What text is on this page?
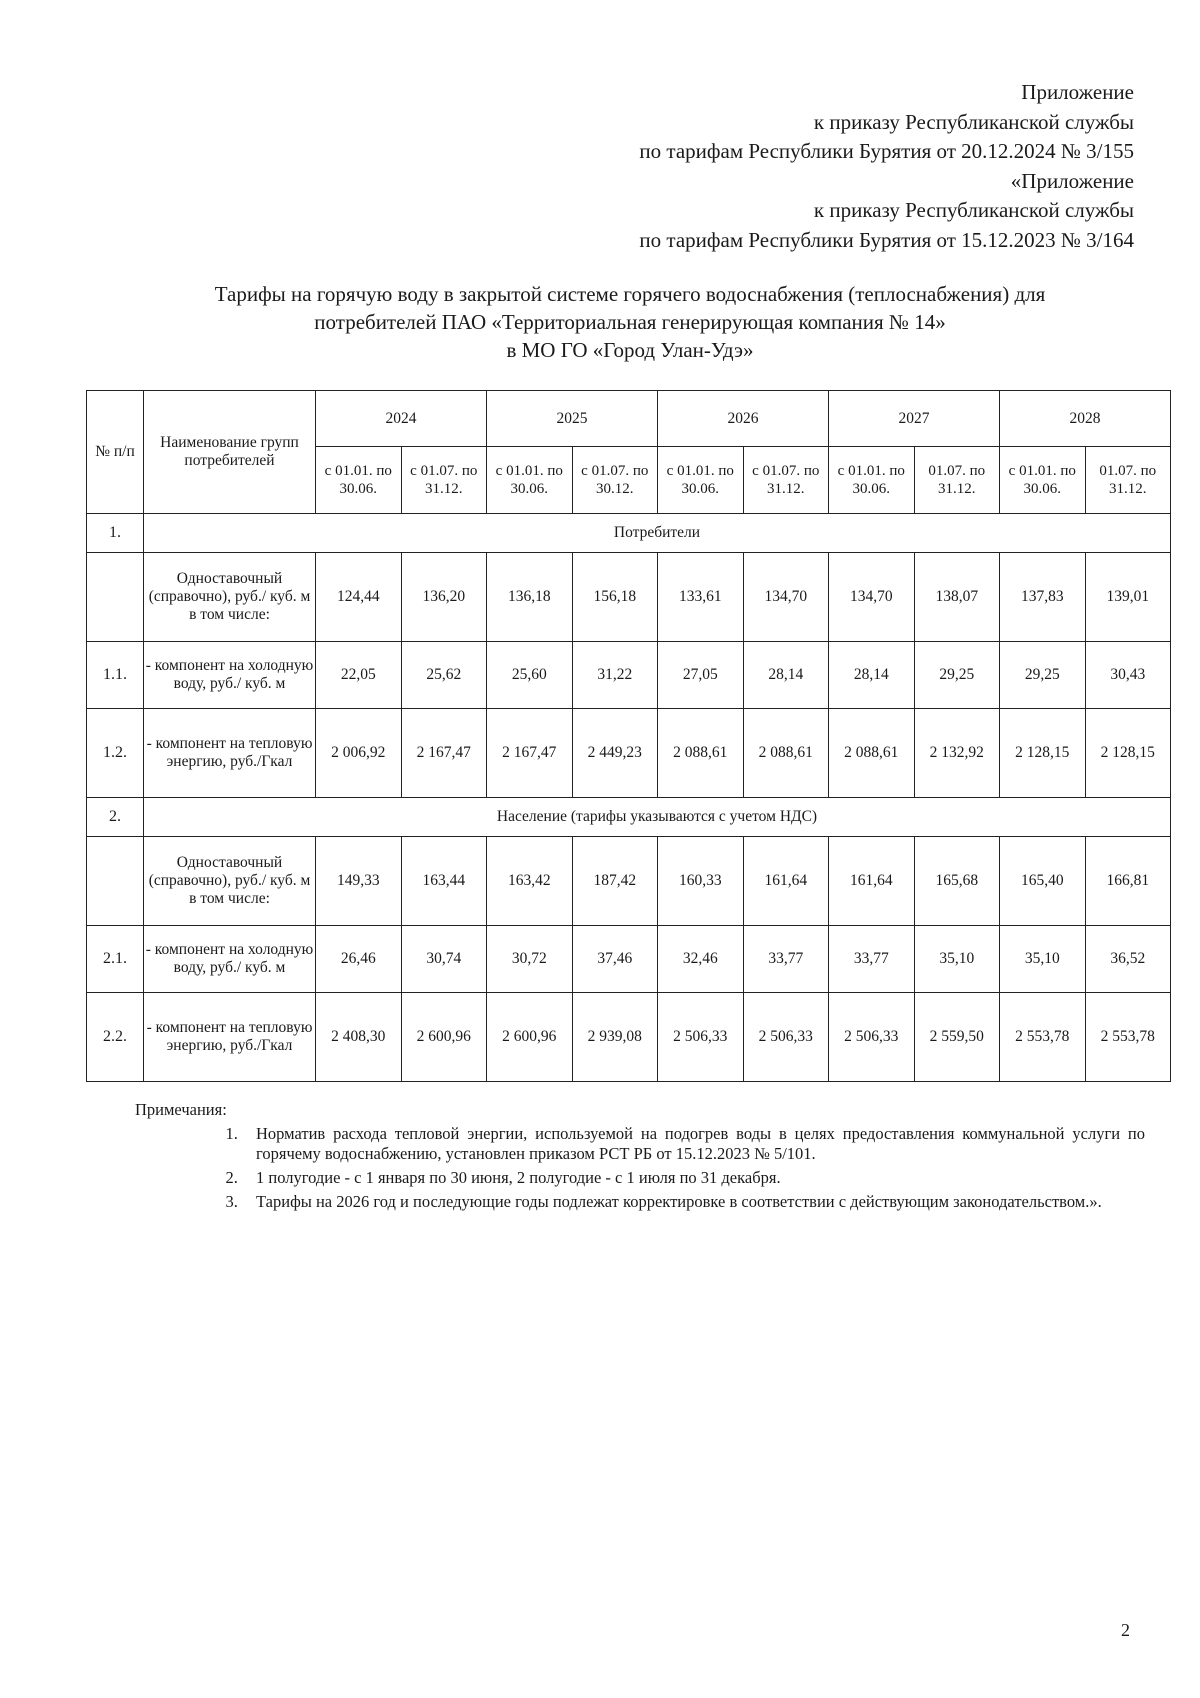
Приложение
к приказу Республиканской службы
по тарифам Республики Бурятия от 20.12.2024 № 3/155
«Приложение
к приказу Республиканской службы
по тарифам Республики Бурятия от 15.12.2023 № 3/164
Тарифы на горячую воду в закрытой системе горячего водоснабжения (теплоснабжения) для
потребителей ПАО «Территориальная генерирующая компания № 14»
в МО ГО «Город Улан-Удэ»
№ п/п	Наименование групп потребителей	2024		2025		2026		2027		2028	
		с 01.01. по 30.06.	с 01.07. по 31.12.	с 01.01. по 30.06.	с 01.07. по 30.12.	с 01.01. по 30.06.	с 01.07. по 31.12.	с 01.01. по 30.06.	01.07. по 31.12.	с 01.01. по 30.06.	01.07. по 31.12.
1.	Потребители										
	Одноставочный (справочно), руб./ куб. м в том числе:	124,44	136,20	136,18	156,18	133,61	134,70	134,70	138,07	137,83	139,01
1.1.	- компонент на холодную воду, руб./ куб. м	22,05	25,62	25,60	31,22	27,05	28,14	28,14	29,25	29,25	30,43
1.2.	- компонент на тепловую энергию, руб./Гкал	2 006,92	2 167,47	2 167,47	2 449,23	2 088,61	2 088,61	2 088,61	2 132,92	2 128,15	2 128,15
2.	Население (тарифы указываются с учетом НДС)										
	Одноставочный (справочно), руб./ куб. м в том числе:	149,33	163,44	163,42	187,42	160,33	161,64	161,64	165,68	165,40	166,81
2.1.	- компонент на холодную воду, руб./ куб. м	26,46	30,74	30,72	37,46	32,46	33,77	33,77	35,10	35,10	36,52
2.2.	- компонент на тепловую энергию, руб./Гкал	2 408,30	2 600,96	2 600,96	2 939,08	2 506,33	2 506,33	2 506,33	2 559,50	2 553,78	2 553,78
Примечания:
1. Норматив расхода тепловой энергии, используемой на подогрев воды в целях предоставления коммунальной услуги по горячему водоснабжению, установлен приказом РСТ РБ от 15.12.2023 № 5/101.
2. 1 полугодие - с 1 января по 30 июня, 2 полугодие - с 1 июля по 31 декабря.
3. Тарифы на 2026 год и последующие годы подлежат корректировке в соответствии с действующим законодательством.».
2
